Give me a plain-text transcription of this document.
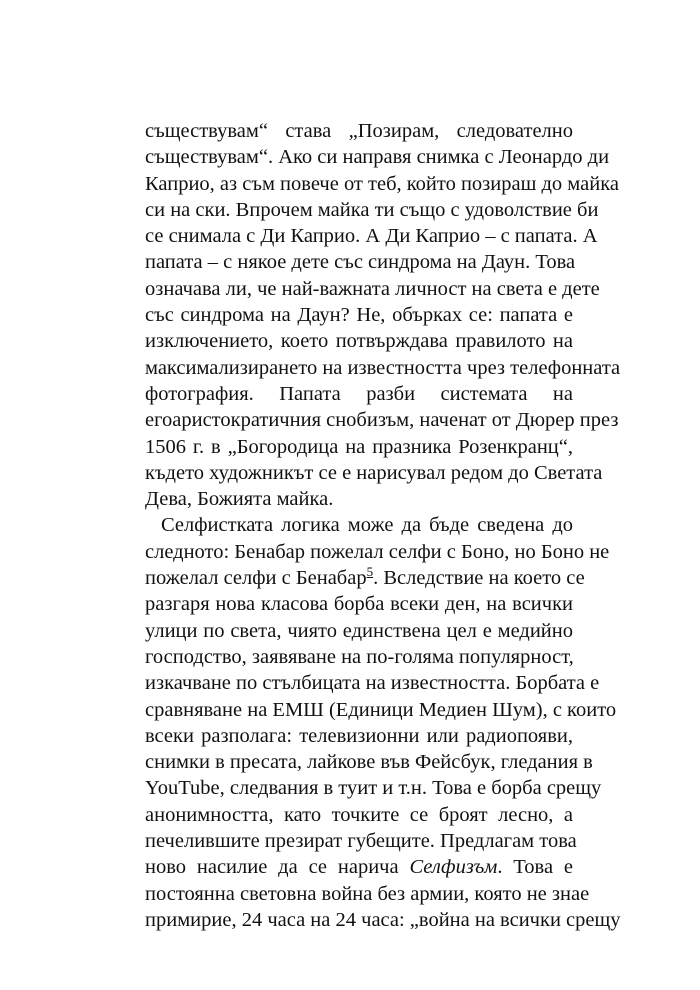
съществувам“ става „Позирам, следователно
съществувам“. Ако си направя снимка с Леонардо ди
Каприо, аз съм повече от теб, който позираш до майка
си на ски. Впрочем майка ти също с удоволствие би
се снимала с Ди Каприо. А Ди Каприо – с папата. А
папата – с някое дете със синдрома на Даун. Това
означава ли, че най-важната личност на света е дете
със синдрома на Даун? Не, обърках се: папата е
изключението, което потвърждава правилото на
максимализирането на известността чрез телефонната
фотография. Папата разби системата на
егоаристократичния снобизъм, наченат от Дюрер през
1506 г. в „Богородица на празника Розенкранц“,
където художникът се е нарисувал редом до Светата
Дева, Божията майка.
Селфистката логика може да бъде сведена до
следното: Бенабар пожелал селфи с Боно, но Боно не
пожелал селфи с Бенабар$^5$. Вследствие на което се
разгаря нова класова борба всеки ден, на всички
улици по света, чиято единствена цел е медийно
господство, заявяване на по-голяма популярност,
изкачване по стълбицата на известността. Борбата е
сравняване на ЕМШ (Единици Медиен Шум), с които
всеки разполага: телевизионни или радиопояви,
снимки в пресата, лайкове във Фейсбук, гледания в
YouTube, следвания в туит и т.н. Това е борба срещу
анонимността, като точките се броят лесно, а
печелившите презират губещите. Предлагам това
ново насилие да се нарича Селфизъм. Това е
постоянна световна война без армии, която не знае
примирие, 24 часа на 24 часа: „война на всички срещу
